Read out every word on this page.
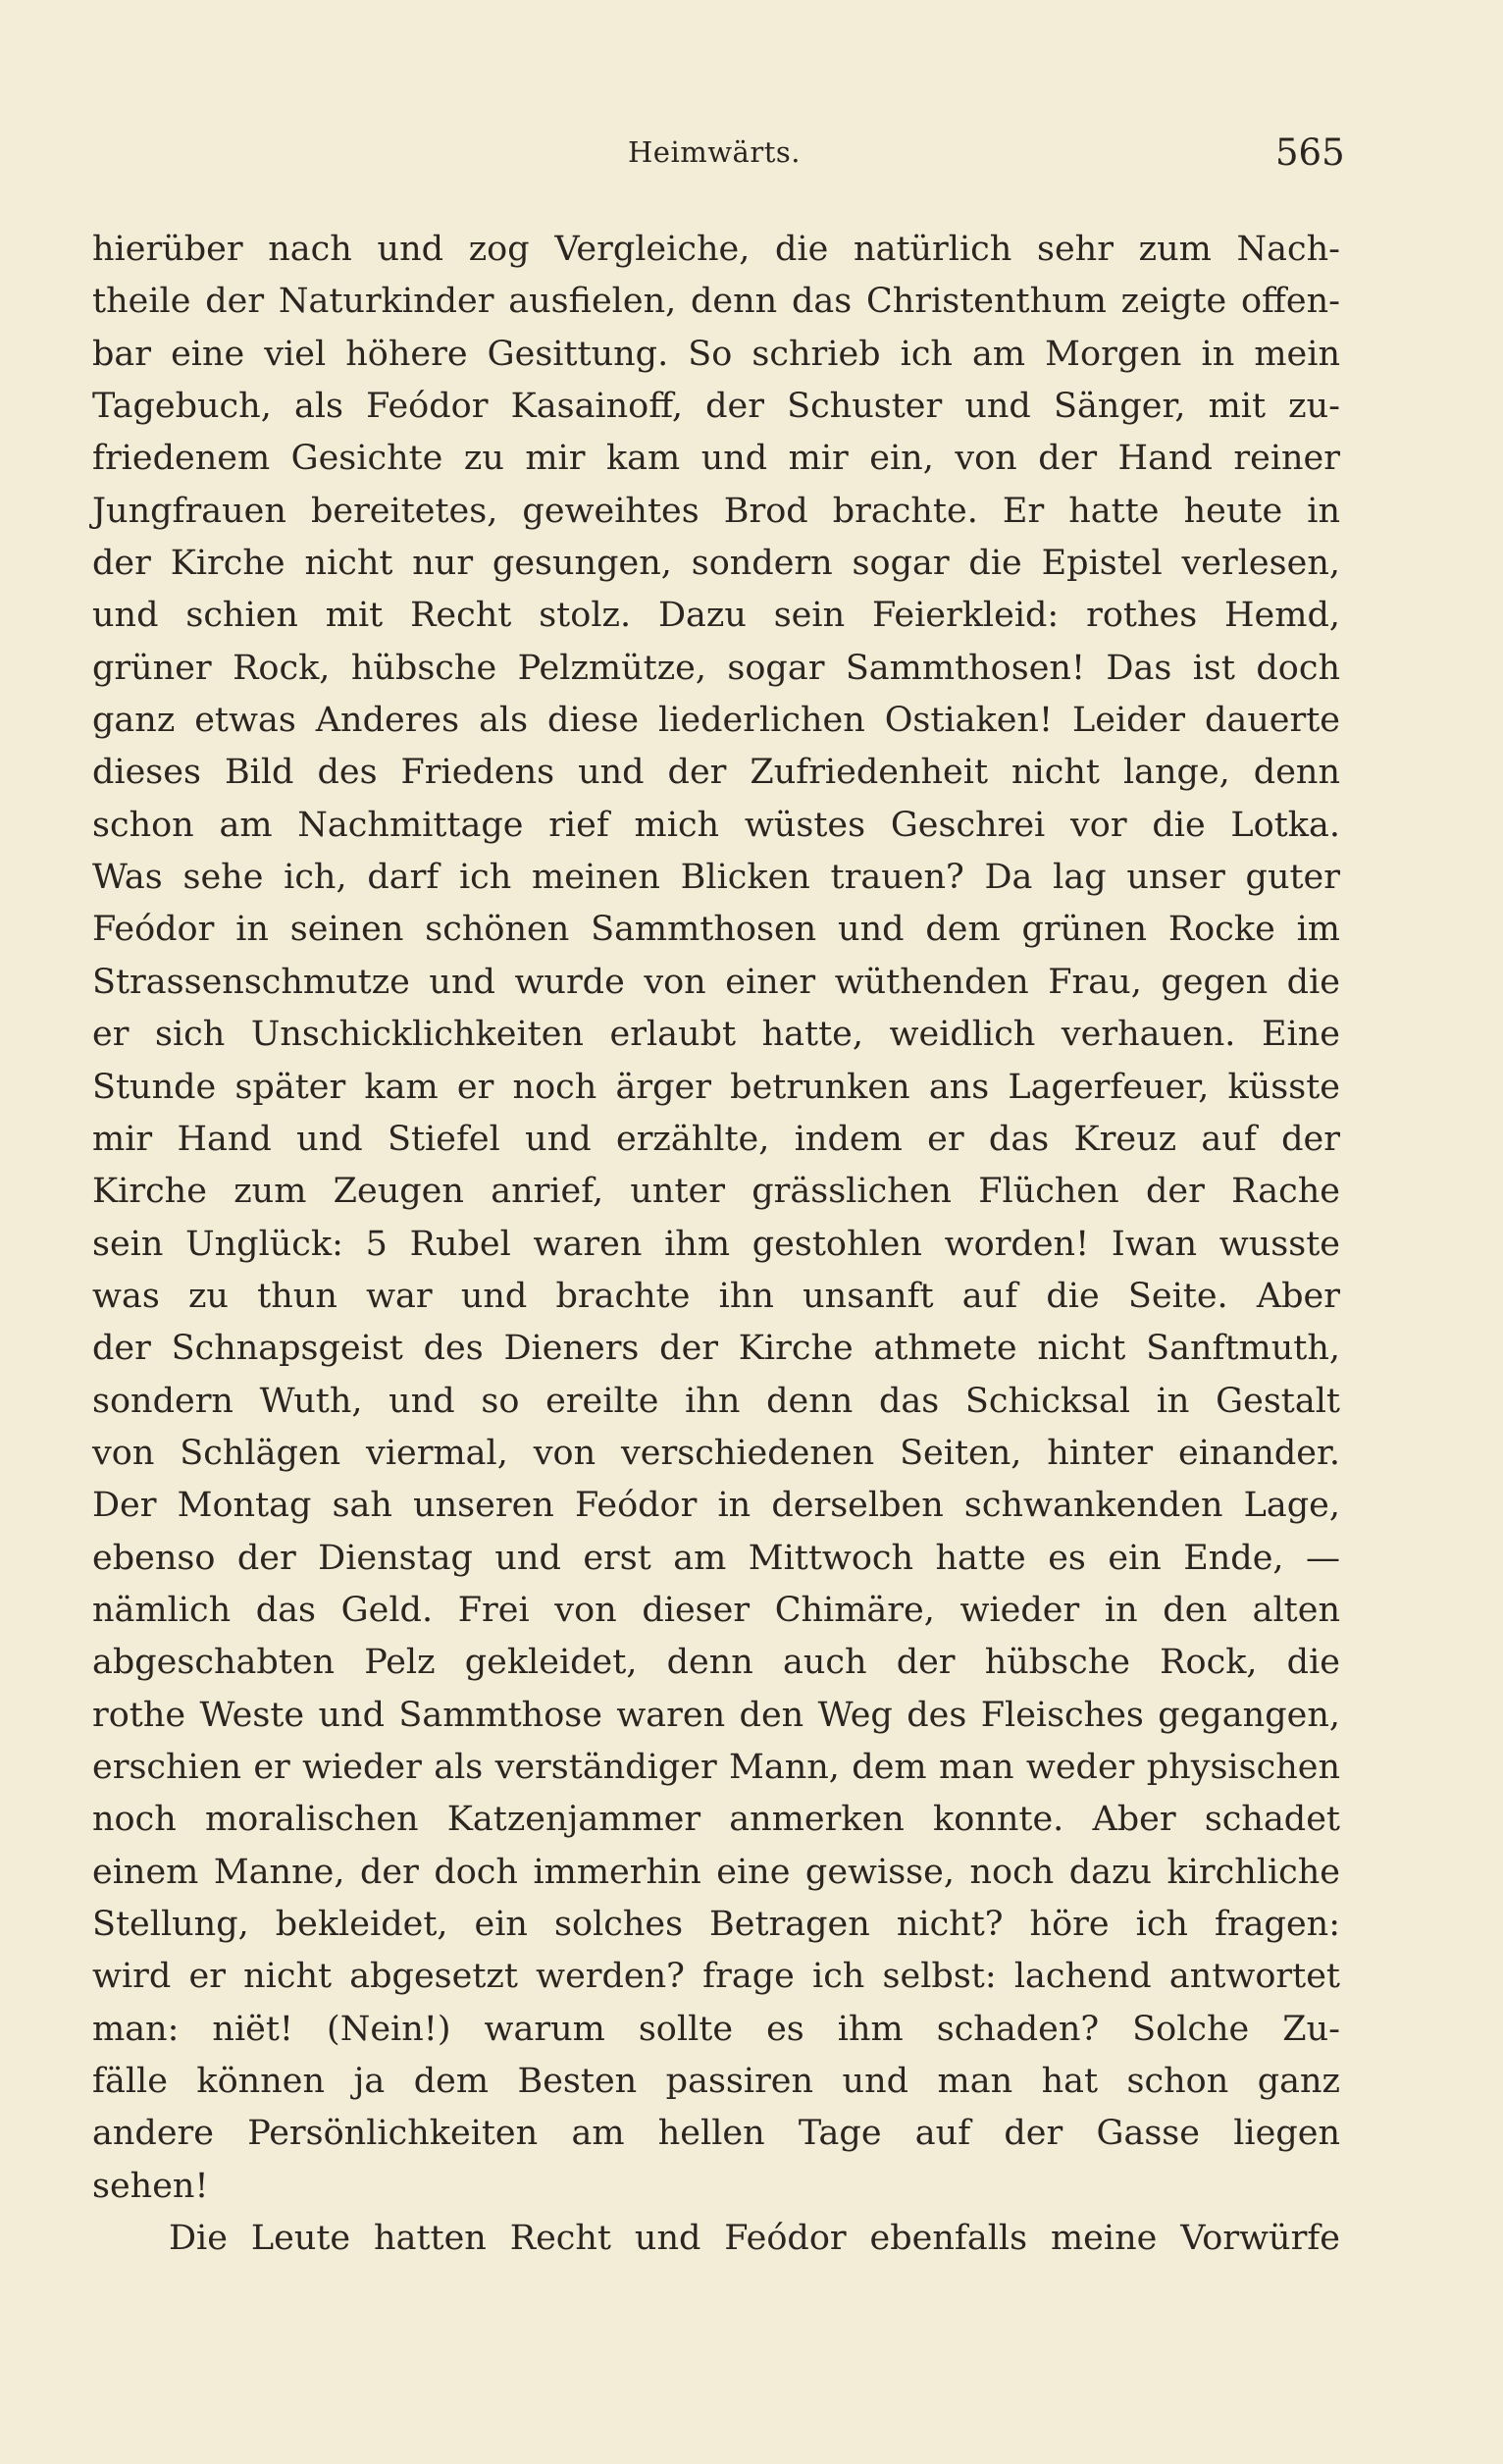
Heimwärts.	565
hierüber nach und zog Vergleiche, die natürlich sehr zum Nach-
theile der Naturkinder ausfielen, denn das Christenthum zeigte offen-
bar eine viel höhere Gesittung. So schrieb ich am Morgen in mein
Tagebuch, als Feódor Kasainoff, der Schuster und Sänger, mit zu-
friedenem Gesichte zu mir kam und mir ein, von der Hand reiner
Jungfrauen bereitetes, geweihtes Brod brachte. Er hatte heute in
der Kirche nicht nur gesungen, sondern sogar die Epistel verlesen,
und schien mit Recht stolz. Dazu sein Feierkleid: rothes Hemd,
grüner Rock, hübsche Pelzmütze, sogar Sammthosen! Das ist doch
ganz etwas Anderes als diese liederlichen Ostiaken! Leider dauerte
dieses Bild des Friedens und der Zufriedenheit nicht lange, denn
schon am Nachmittage rief mich wüstes Geschrei vor die Lotka.
Was sehe ich, darf ich meinen Blicken trauen? Da lag unser guter
Feódor in seinen schönen Sammthosen und dem grünen Rocke im
Strassenschmutze und wurde von einer wüthenden Frau, gegen die
er sich Unschicklichkeiten erlaubt hatte, weidlich verhauen. Eine
Stunde später kam er noch ärger betrunken ans Lagerfeuer, küsste
mir Hand und Stiefel und erzählte, indem er das Kreuz auf der
Kirche zum Zeugen anrief, unter grässlichen Flüchen der Rache
sein Unglück: 5 Rubel waren ihm gestohlen worden! Iwan wusste
was zu thun war und brachte ihn unsanft auf die Seite. Aber
der Schnapsgeist des Dieners der Kirche athmete nicht Sanftmuth,
sondern Wuth, und so ereilte ihn denn das Schicksal in Gestalt
von Schlägen viermal, von verschiedenen Seiten, hinter einander.
Der Montag sah unseren Feódor in derselben schwankenden Lage,
ebenso der Dienstag und erst am Mittwoch hatte es ein Ende, —
nämlich das Geld. Frei von dieser Chimäre, wieder in den alten
abgeschabten Pelz gekleidet, denn auch der hübsche Rock, die
rothe Weste und Sammthose waren den Weg des Fleisches gegangen,
erschien er wieder als verständiger Mann, dem man weder physischen
noch moralischen Katzenjammer anmerken konnte. Aber schadet
einem Manne, der doch immerhin eine gewisse, noch dazu kirchliche
Stellung, bekleidet, ein solches Betragen nicht? höre ich fragen:
wird er nicht abgesetzt werden? frage ich selbst: lachend antwortet
man: niët! (Nein!) warum sollte es ihm schaden? Solche Zu-
fälle können ja dem Besten passiren und man hat schon ganz
andere Persönlichkeiten am hellen Tage auf der Gasse liegen
sehen!
Die Leute hatten Recht und Feódor ebenfalls meine Vorwürfe
